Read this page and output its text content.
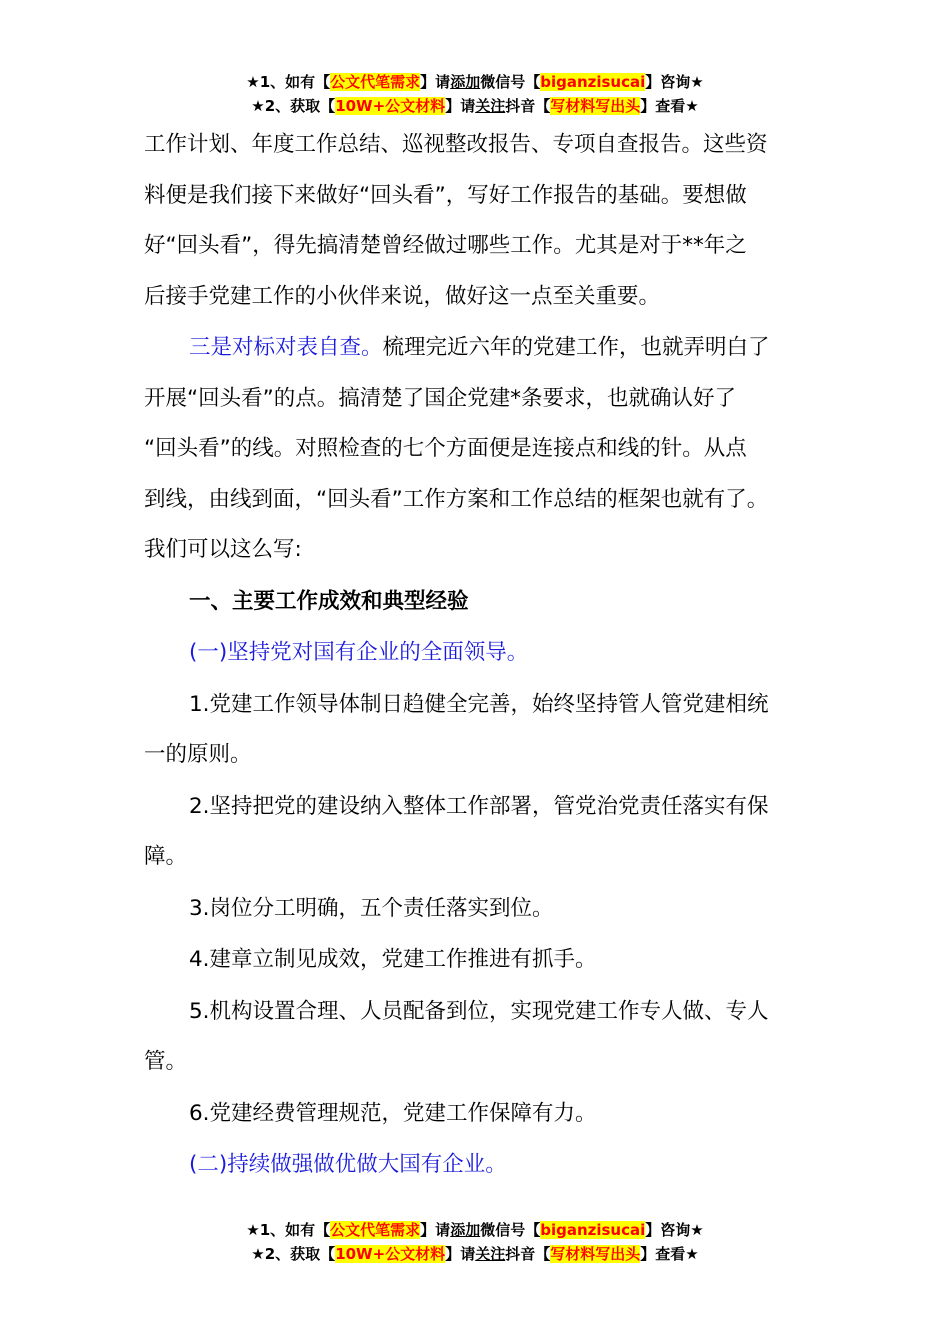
★1、如有【公文代笔需求】请添加微信号【biganzisucai】咨询★
★2、获取【10W+公文材料】请关注抖音【写材料写出头】查看★
工作计划、年度工作总结、巡视整改报告、专项自查报告。这些资
料便是我们接下来做好“回头看”，写好工作报告的基础。要想做
好“回头看”，得先搞清楚曾经做过哪些工作。尤其是对于**年之
后接手党建工作的小伙伴来说，做好这一点至关重要。
三是对标对表自查。梳理完近六年的党建工作，也就弄明白了
开展“回头看”的点。搞清楚了国企党建*条要求，也就确认好了
“回头看”的线。对照检查的七个方面便是连接点和线的针。从点
到线，由线到面，“回头看”工作方案和工作总结的框架也就有了。
我们可以这么写:
一、主要工作成效和典型经验
(一)坚持党对国有企业的全面领导。
1.党建工作领导体制日趋健全完善，始终坚持管人管党建相统
一的原则。
2.坚持把党的建设纳入整体工作部署，管党治党责任落实有保
障。
3.岗位分工明确，五个责任落实到位。
4.建章立制见成效，党建工作推进有抓手。
5.机构设置合理、人员配备到位，实现党建工作专人做、专人
管。
6.党建经费管理规范，党建工作保障有力。
(二)持续做强做优做大国有企业。
★1、如有【公文代笔需求】请添加微信号【biganzisucai】咨询★
★2、获取【10W+公文材料】请关注抖音【写材料写出头】查看★
